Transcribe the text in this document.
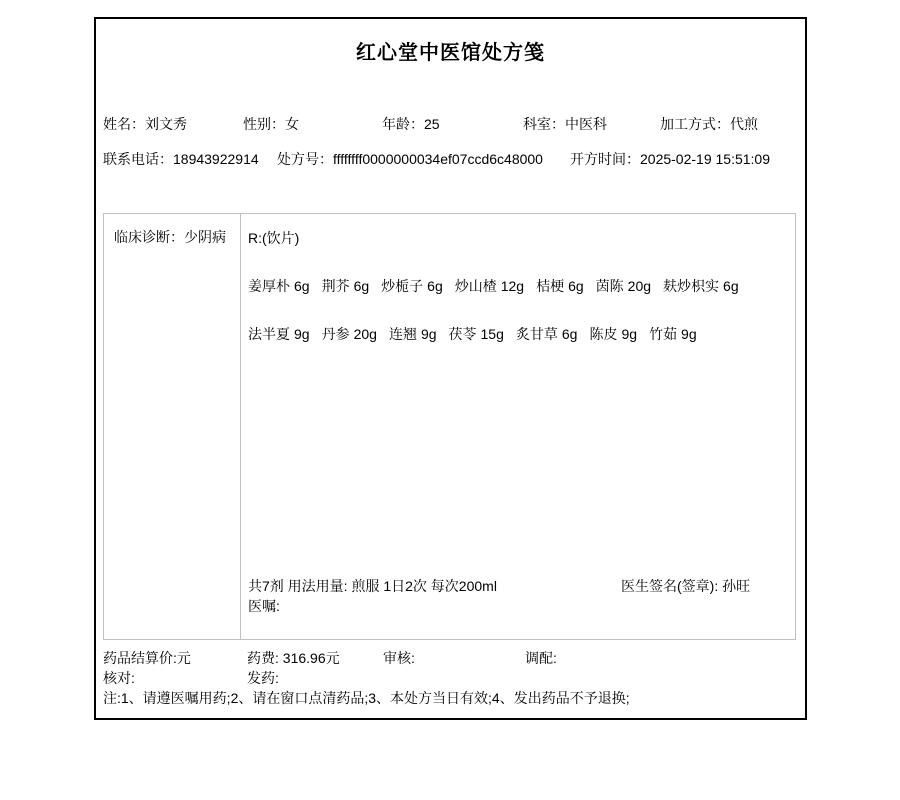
红心堂中医馆处方笺
姓名：刘文秀	性别：女	年龄：25	科室：中医科	加工方式：代煎
联系电话：18943922914 处方号：ffffffff0000000034ef07ccd6c48000 开方时间：2025-02-19 15:51:09
临床诊断：少阴病 R:(饮片)
姜厚朴 6g 荆芥 6g 炒栀子 6g 炒山楂 12g 桔梗 6g 茵陈 20g 麸炒枳实 6g
法半夏 9g 丹参 20g 连翘 9g 茯苓 15g 炙甘草 6g 陈皮 9g 竹茹 9g
共7剂 用法用量: 煎服 1日2次 每次200ml	医生签名(签章): 孙旺
医嘱:
药品结算价:元	药费: 316.96元	审核:	调配:
核对:	发药:
注:1、请遵医嘱用药;2、请在窗口点清药品;3、本处方当日有效;4、发出药品不予退换;
